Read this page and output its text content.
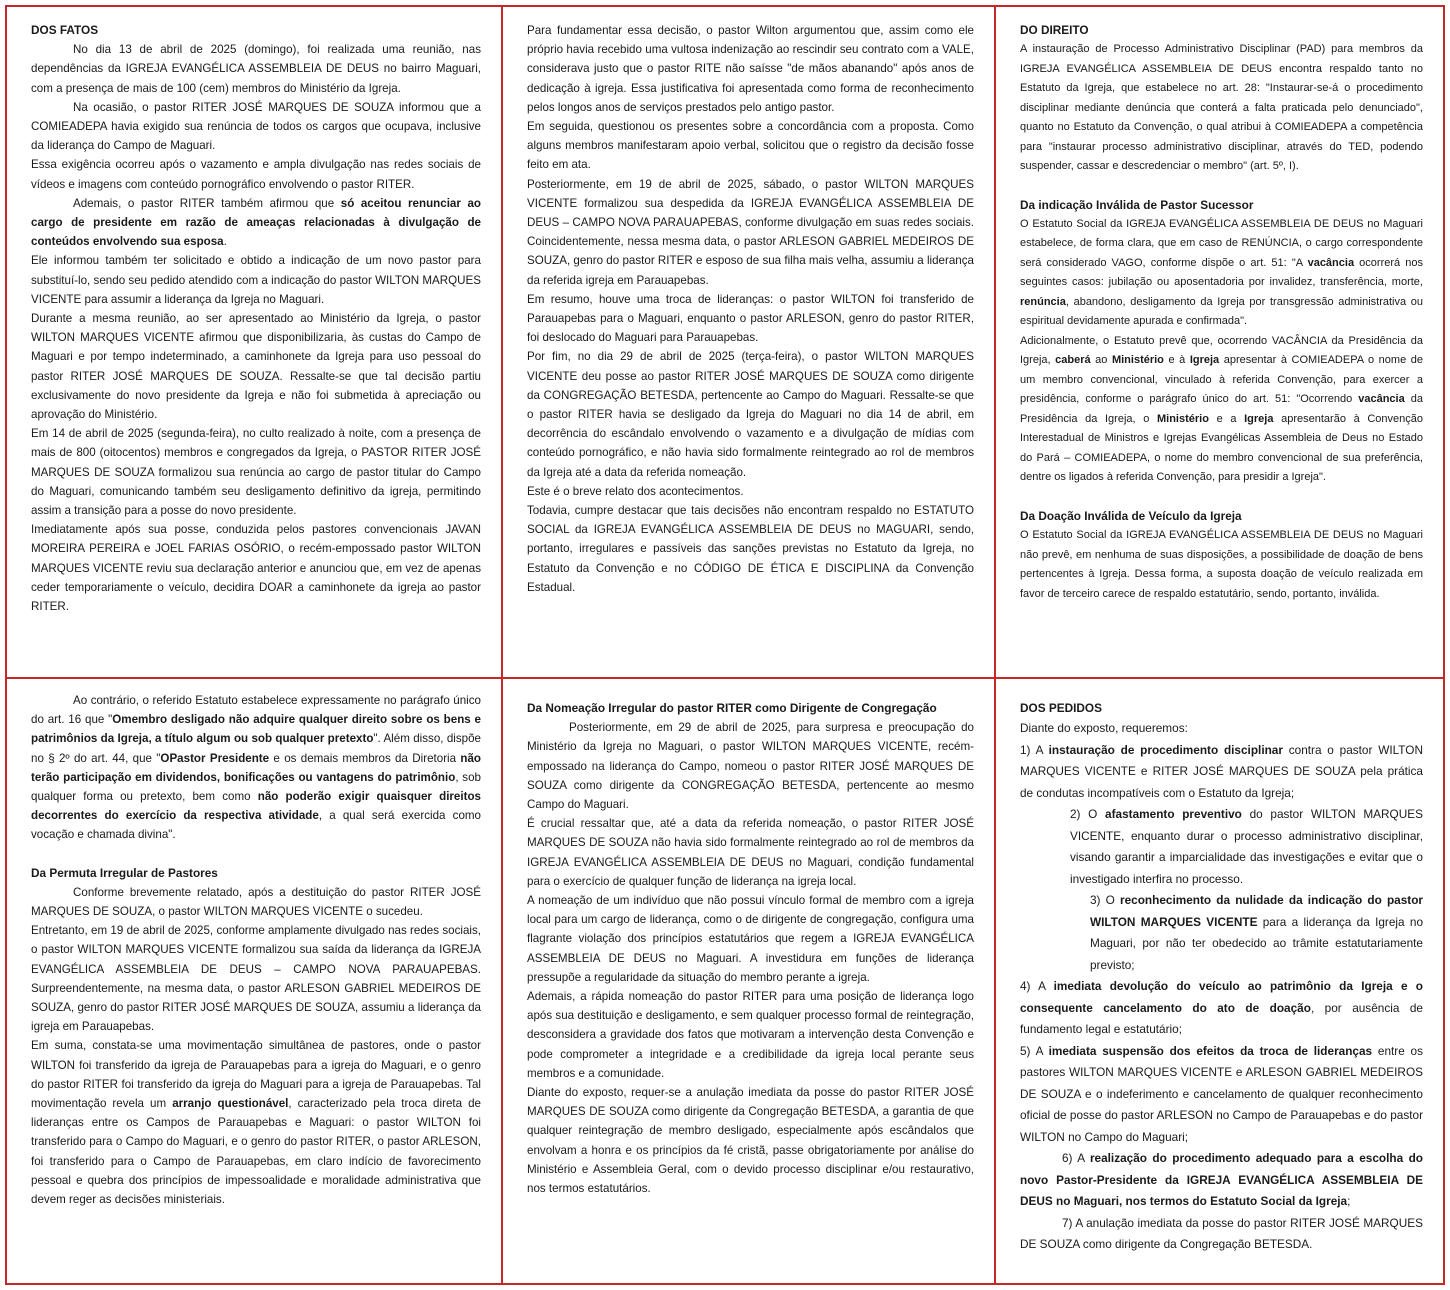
DOS FATOS

No dia 13 de abril de 2025 (domingo), foi realizada uma reunião, nas dependências da IGREJA EVANGÉLICA ASSEMBLEIA DE DEUS no bairro Maguari, com a presença de mais de 100 (cem) membros do Ministério da Igreja.

Na ocasião, o pastor RITER JOSÉ MARQUES DE SOUZA informou que a COMIEADEPA havia exigido sua renúncia de todos os cargos que ocupava, inclusive da liderança do Campo de Maguari.

Essa exigência ocorreu após o vazamento e ampla divulgação nas redes sociais de vídeos e imagens com conteúdo pornográfico envolvendo o pastor RITER.

Ademais, o pastor RITER também afirmou que só aceitou renunciar ao cargo de presidente em razão de ameaças relacionadas à divulgação de conteúdos envolvendo sua esposa.

Ele informou também ter solicitado e obtido a indicação de um novo pastor para substituí-lo, sendo seu pedido atendido com a indicação do pastor WILTON MARQUES VICENTE para assumir a liderança da Igreja no Maguari.

Durante a mesma reunião, ao ser apresentado ao Ministério da Igreja, o pastor WILTON MARQUES VICENTE afirmou que disponibilizaria, às custas do Campo de Maguari e por tempo indeterminado, a caminhonete da Igreja para uso pessoal do pastor RITER JOSÉ MARQUES DE SOUZA. Ressalte-se que tal decisão partiu exclusivamente do novo presidente da Igreja e não foi submetida à apreciação ou aprovação do Ministério.

Em 14 de abril de 2025 (segunda-feira), no culto realizado à noite, com a presença de mais de 800 (oitocentos) membros e congregados da Igreja, o PASTOR RITER JOSÉ MARQUES DE SOUZA formalizou sua renúncia ao cargo de pastor titular do Campo do Maguari, comunicando também seu desligamento definitivo da igreja, permitindo assim a transição para a posse do novo presidente.

Imediatamente após sua posse, conduzida pelos pastores convencionais JAVAN MOREIRA PEREIRA e JOEL FARIAS OSÓRIO, o recém-empossado pastor WILTON MARQUES VICENTE reviu sua declaração anterior e anunciou que, em vez de apenas ceder temporariamente o veículo, decidira DOAR a caminhonete da igreja ao pastor RITER.

Para fundamentar essa decisão, o pastor Wilton argumentou que, assim como ele próprio havia recebido uma vultosa indenização ao rescindir seu contrato com a VALE, considerava justo que o pastor RITE não saísse "de mãos abanando" após anos de dedicação à igreja. Essa justificativa foi apresentada como forma de reconhecimento pelos longos anos de serviços prestados pelo antigo pastor.

Em seguida, questionou os presentes sobre a concordância com a proposta. Como alguns membros manifestaram apoio verbal, solicitou que o registro da decisão fosse feito em ata.

Posteriormente, em 19 de abril de 2025, sábado, o pastor WILTON MARQUES VICENTE formalizou sua despedida da IGREJA EVANGÉLICA ASSEMBLEIA DE DEUS – CAMPO NOVA PARAUAPEBAS, conforme divulgação em suas redes sociais. Coincidentemente, nessa mesma data, o pastor ARLESON GABRIEL MEDEIROS DE SOUZA, genro do pastor RITER e esposo de sua filha mais velha, assumiu a liderança da referida igreja em Parauapebas.

Em resumo, houve uma troca de lideranças: o pastor WILTON foi transferido de Parauapebas para o Maguari, enquanto o pastor ARLESON, genro do pastor RITER, foi deslocado do Maguari para Parauapebas.

Por fim, no dia 29 de abril de 2025 (terça-feira), o pastor WILTON MARQUES VICENTE deu posse ao pastor RITER JOSÉ MARQUES DE SOUZA como dirigente da CONGREGAÇÃO BETESDA, pertencente ao Campo do Maguari. Ressalte-se que o pastor RITER havia se desligado da Igreja do Maguari no dia 14 de abril, em decorrência do escândalo envolvendo o vazamento e a divulgação de mídias com conteúdo pornográfico, e não havia sido formalmente reintegrado ao rol de membros da Igreja até a data da referida nomeação.

Este é o breve relato dos acontecimentos.

Todavia, cumpre destacar que tais decisões não encontram respaldo no ESTATUTO SOCIAL da IGREJA EVANGÉLICA ASSEMBLEIA DE DEUS no MAGUARI, sendo, portanto, irregulares e passíveis das sanções previstas no Estatuto da Igreja, no Estatuto da Convenção e no CÓDIGO DE ÉTICA E DISCIPLINA da Convenção Estadual.

DO DIREITO

A instauração de Processo Administrativo Disciplinar (PAD) para membros da IGREJA EVANGÉLICA ASSEMBLEIA DE DEUS encontra respaldo tanto no Estatuto da Igreja, que estabelece no art. 28: "Instaurar-se-á o procedimento disciplinar mediante denúncia que conterá a falta praticada pelo denunciado", quanto no Estatuto da Convenção, o qual atribui à COMIEADEPA a competência para "instaurar processo administrativo disciplinar, através do TED, podendo suspender, cassar e descredenciar o membro" (art. 5º, I).

Da indicação Inválida de Pastor Sucessor

O Estatuto Social da IGREJA EVANGÉLICA ASSEMBLEIA DE DEUS no Maguari estabelece, de forma clara, que em caso de RENÚNCIA, o cargo correspondente será considerado VAGO, conforme dispõe o art. 51: "A vacância ocorrerá nos seguintes casos: jubilação ou aposentadoria por invalidez, transferência, morte, renúncia, abandono, desligamento da Igreja por transgressão administrativa ou espiritual devidamente apurada e confirmada".

Adicionalmente, o Estatuto prevê que, ocorrendo VACÂNCIA da Presidência da Igreja, caberá ao Ministério e à Igreja apresentar à COMIEADEPA o nome de um membro convencional, vinculado à referida Convenção, para exercer a presidência, conforme o parágrafo único do art. 51: "Ocorrendo vacância da Presidência da Igreja, o Ministério e a Igreja apresentarão à Convenção Interestadual de Ministros e Igrejas Evangélicas Assembleia de Deus no Estado do Pará – COMIEADEPA, o nome do membro convencional de sua preferência, dentre os ligados à referida Convenção, para presidir a Igreja".

Da Doação Inválida de Veículo da Igreja

O Estatuto Social da IGREJA EVANGÉLICA ASSEMBLEIA DE DEUS no Maguari não prevê, em nenhuma de suas disposições, a possibilidade de doação de bens pertencentes à Igreja. Dessa forma, a suposta doação de veículo realizada em favor de terceiro carece de respaldo estatutário, sendo, portanto, inválida.

Ao contrário, o referido Estatuto estabelece expressamente no parágrafo único do art. 16 que "Omembro desligado não adquire qualquer direito sobre os bens e patrimônios da Igreja, a título algum ou sob qualquer pretexto". Além disso, dispõe no § 2º do art. 44, que "OPastor Presidente e os demais membros da Diretoria não terão participação em dividendos, bonificações ou vantagens do patrimônio, sob qualquer forma ou pretexto, bem como não poderão exigir quaisquer direitos decorrentes do exercício da respectiva atividade, a qual será exercida como vocação e chamada divina".

Da Permuta Irregular de Pastores

Conforme brevemente relatado, após a destituição do pastor RITER JOSÉ MARQUES DE SOUZA, o pastor WILTON MARQUES VICENTE o sucedeu.

Entretanto, em 19 de abril de 2025, conforme amplamente divulgado nas redes sociais, o pastor WILTON MARQUES VICENTE formalizou sua saída da liderança da IGREJA EVANGÉLICA ASSEMBLEIA DE DEUS – CAMPO NOVA PARAUAPEBAS. Surpreendentemente, na mesma data, o pastor ARLESON GABRIEL MEDEIROS DE SOUZA, genro do pastor RITER JOSÉ MARQUES DE SOUZA, assumiu a liderança da igreja em Parauapebas.

Em suma, constata-se uma movimentação simultânea de pastores, onde o pastor WILTON foi transferido da igreja de Parauapebas para a igreja do Maguari, e o genro do pastor RITER foi transferido da igreja do Maguari para a igreja de Parauapebas. Tal movimentação revela um arranjo questionável, caracterizado pela troca direta de lideranças entre os Campos de Parauapebas e Maguari: o pastor WILTON foi transferido para o Campo do Maguari, e o genro do pastor RITER, o pastor ARLESON, foi transferido para o Campo de Parauapebas, em claro indício de favorecimento pessoal e quebra dos princípios de impessoalidade e moralidade administrativa que devem reger as decisões ministeriais.

Da Nomeação Irregular do pastor RITER como Dirigente de Congregação

Posteriormente, em 29 de abril de 2025, para surpresa e preocupação do Ministério da Igreja no Maguari, o pastor WILTON MARQUES VICENTE, recém-empossado na liderança do Campo, nomeou o pastor RITER JOSÉ MARQUES DE SOUZA como dirigente da CONGREGAÇÃO BETESDA, pertencente ao mesmo Campo do Maguari.

É crucial ressaltar que, até a data da referida nomeação, o pastor RITER JOSÉ MARQUES DE SOUZA não havia sido formalmente reintegrado ao rol de membros da IGREJA EVANGÉLICA ASSEMBLEIA DE DEUS no Maguari, condição fundamental para o exercício de qualquer função de liderança na igreja local.

A nomeação de um indivíduo que não possui vínculo formal de membro com a igreja local para um cargo de liderança, como o de dirigente de congregação, configura uma flagrante violação dos princípios estatutários que regem a IGREJA EVANGÉLICA ASSEMBLEIA DE DEUS no Maguari. A investidura em funções de liderança pressupõe a regularidade da situação do membro perante a igreja.

Ademais, a rápida nomeação do pastor RITER para uma posição de liderança logo após sua destituição e desligamento, e sem qualquer processo formal de reintegração, desconsidera a gravidade dos fatos que motivaram a intervenção desta Convenção e pode comprometer a integridade e a credibilidade da igreja local perante seus membros e a comunidade.

Diante do exposto, requer-se a anulação imediata da posse do pastor RITER JOSÉ MARQUES DE SOUZA como dirigente da Congregação BETESDA, a garantia de que qualquer reintegração de membro desligado, especialmente após escândalos que envolvam a honra e os princípios da fé cristã, passe obrigatoriamente por análise do Ministério e Assembleia Geral, com o devido processo disciplinar e/ou restaurativo, nos termos estatutários.

DOS PEDIDOS

Diante do exposto, requeremos:

1) A instauração de procedimento disciplinar contra o pastor WILTON MARQUES VICENTE e RITER JOSÉ MARQUES DE SOUZA pela prática de condutas incompatíveis com o Estatuto da Igreja;

2) O afastamento preventivo do pastor WILTON MARQUES VICENTE, enquanto durar o processo administrativo disciplinar, visando garantir a imparcialidade das investigações e evitar que o investigado interfira no processo.

3) O reconhecimento da nulidade da indicação do pastor WILTON MARQUES VICENTE para a liderança da Igreja no Maguari, por não ter obedecido ao trâmite estatutariamente previsto;

4) A imediata devolução do veículo ao patrimônio da Igreja e o consequente cancelamento do ato de doação, por ausência de fundamento legal e estatutário;

5) A imediata suspensão dos efeitos da troca de lideranças entre os pastores WILTON MARQUES VICENTE e ARLESON GABRIEL MEDEIROS DE SOUZA e o indeferimento e cancelamento de qualquer reconhecimento oficial de posse do pastor ARLESON no Campo de Parauapebas e do pastor WILTON no Campo do Maguari;

6) A realização do procedimento adequado para a escolha do novo Pastor-Presidente da IGREJA EVANGÉLICA ASSEMBLEIA DE DEUS no Maguari, nos termos do Estatuto Social da Igreja;

7) A anulação imediata da posse do pastor RITER JOSÉ MARQUES DE SOUZA como dirigente da Congregação BETESDA.
